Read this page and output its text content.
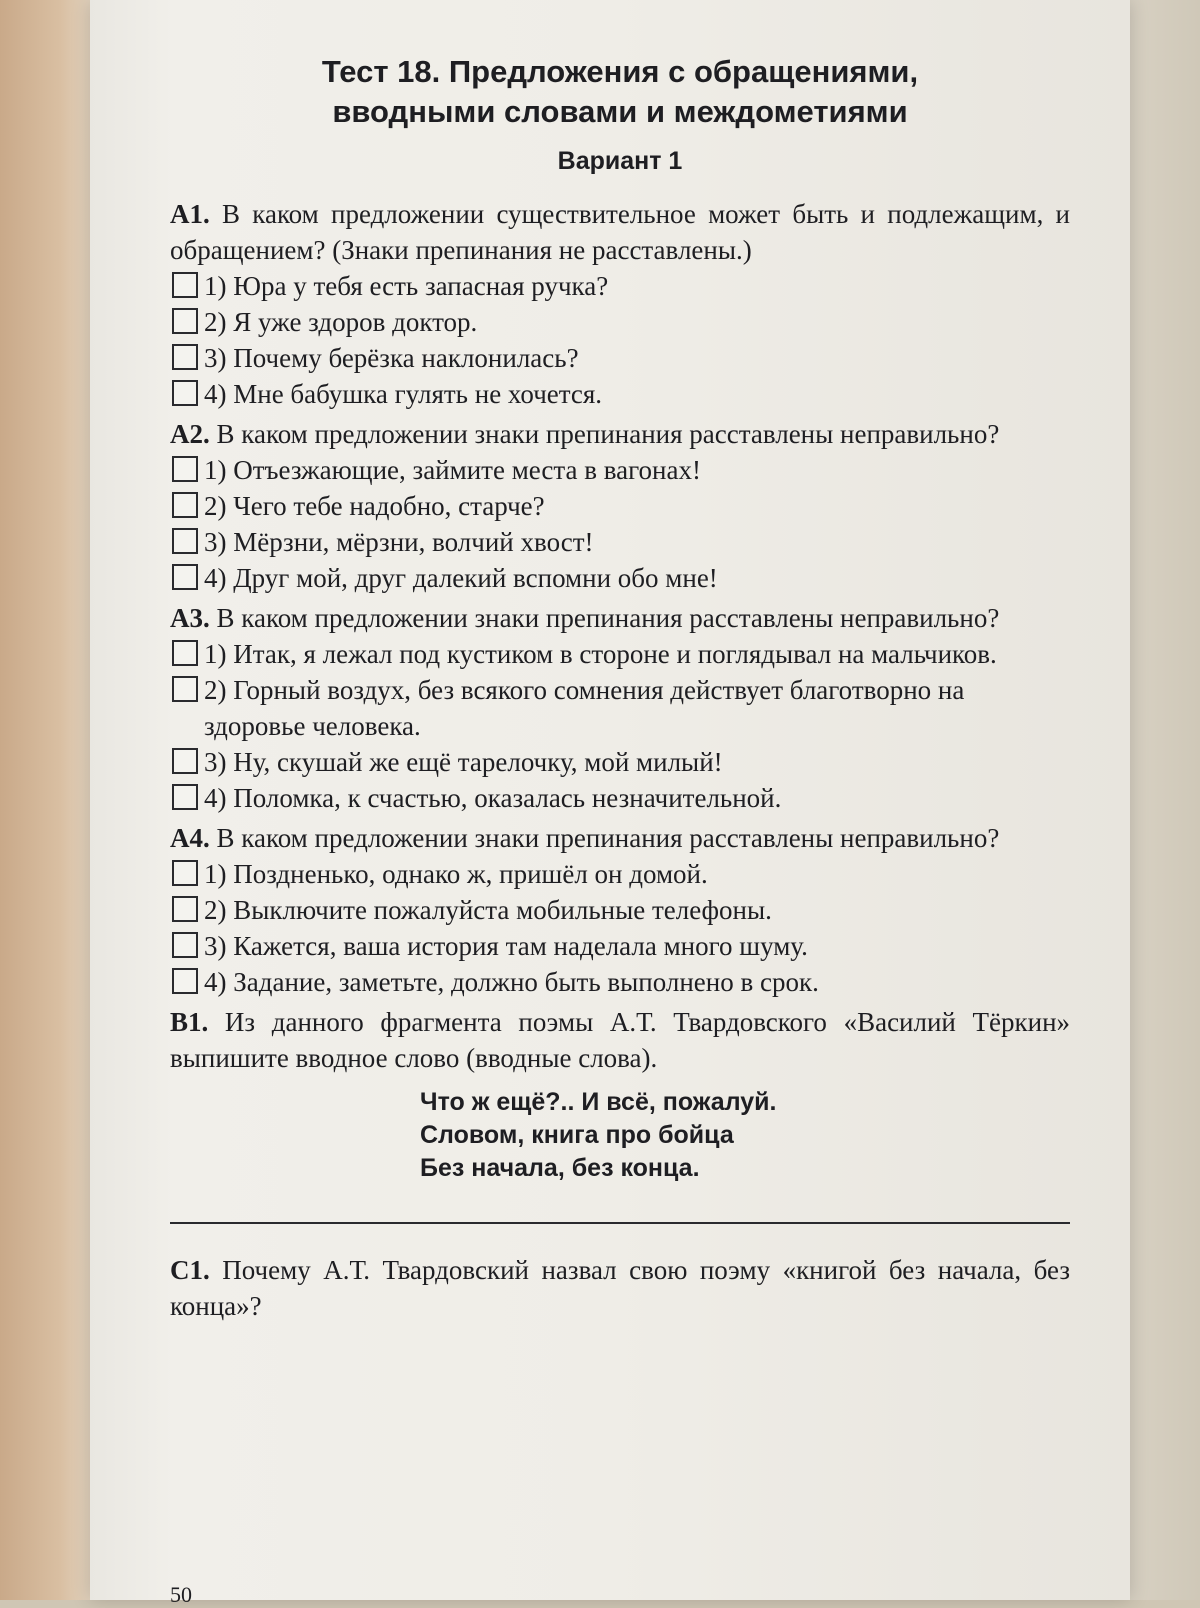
Тест 18. Предложения с обращениями,
вводными словами и междометиями
Вариант 1
А1. В каком предложении существительное может быть и подлежащим, и обращением? (Знаки препинания не расставлены.)
1) Юра у тебя есть запасная ручка?
2) Я уже здоров доктор.
3) Почему берёзка наклонилась?
4) Мне бабушка гулять не хочется.
А2. В каком предложении знаки препинания расставлены неправильно?
1) Отъезжающие, займите места в вагонах!
2) Чего тебе надобно, старче?
3) Мёрзни, мёрзни, волчий хвост!
4) Друг мой, друг далекий вспомни обо мне!
А3. В каком предложении знаки препинания расставлены неправильно?
1) Итак, я лежал под кустиком в стороне и поглядывал на мальчиков.
2) Горный воздух, без всякого сомнения действует благотворно на здоровье человека.
3) Ну, скушай же ещё тарелочку, мой милый!
4) Поломка, к счастью, оказалась незначительной.
А4. В каком предложении знаки препинания расставлены неправильно?
1) Поздненько, однако ж, пришёл он домой.
2) Выключите пожалуйста мобильные телефоны.
3) Кажется, ваша история там наделала много шуму.
4) Задание, заметьте, должно быть выполнено в срок.
В1. Из данного фрагмента поэмы А.Т. Твардовского «Василий Тёркин» выпишите вводное слово (вводные слова).
Что ж ещё?.. И всё, пожалуй.
Словом, книга про бойца
Без начала, без конца.
С1. Почему А.Т. Твардовский назвал свою поэму «книгой без начала, без конца»?
50
